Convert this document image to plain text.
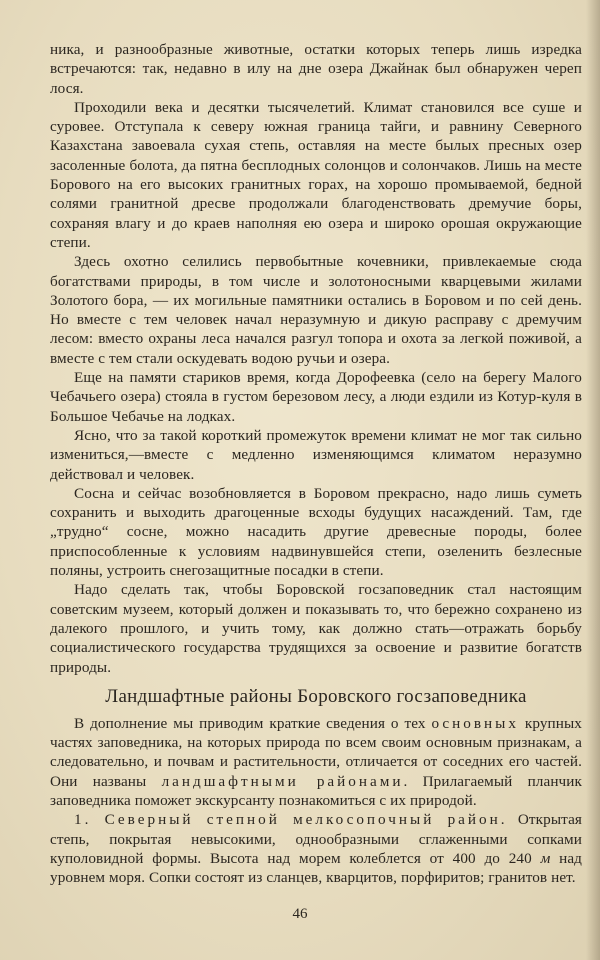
ника, и разнообразные животные, остатки которых теперь лишь изредка встречаются: так, недавно в илу на дне озера Джайнак был обнаружен череп лося.

Проходили века и десятки тысячелетий. Климат становился все суше и суровее. Отступала к северу южная граница тайги, и равнину Северного Казахстана завоевала сухая степь, оставляя на месте былых пресных озер засоленные болота, да пятна бесплодных солонцов и солончаков. Лишь на месте Борового на его высоких гранитных горах, на хорошо промываемой, бедной солями гранитной дресве продолжали благоденствовать дремучие боры, сохраняя влагу и до краев наполняя ею озера и широко орошая окружающие степи.

Здесь охотно селились первобытные кочевники, привлекаемые сюда богатствами природы, в том числе и золотоносными кварцевыми жилами Золотого бора, — их могильные памятники остались в Боровом и по сей день. Но вместе с тем человек начал неразумную и дикую расправу с дремучим лесом: вместо охраны леса начался разгул топора и охота за легкой поживой, а вместе с тем стали оскудевать водою ручьи и озера.

Еще на памяти стариков время, когда Дорофеевка (село на берегу Малого Чебачьего озера) стояла в густом березовом лесу, а люди ездили из Котур-куля в Большое Чебачье на лодках.

Ясно, что за такой короткий промежуток времени климат не мог так сильно измениться,—вместе с медленно изменяющимся климатом неразумно действовал и человек.

Сосна и сейчас возобновляется в Боровом прекрасно, надо лишь суметь сохранить и выходить драгоценные всходы будущих насаждений. Там, где „трудно“ сосне, можно насадить другие древесные породы, более приспособленные к условиям надвинувшейся степи, озеленить безлесные поляны, устроить снегозащитные посадки в степи.

Надо сделать так, чтобы Боровской госзаповедник стал настоящим советским музеем, который должен и показывать то, что бережно сохранено из далекого прошлого, и учить тому, как должно стать—отражать борьбу социалистического государства трудящихся за освоение и развитие богатств природы.

Ландшафтные районы Боровского госзаповедника

В дополнение мы приводим краткие сведения о тех основных крупных частях заповедника, на которых природа по всем своим основным признакам, а следовательно, и почвам и растительности, отличается от соседних его частей. Они названы ландшафтными районами. Прилагаемый планчик заповедника поможет экскурсанту познакомиться с их природой.

1. Северный степной мелкосопочный район. Открытая степь, покрытая невысокими, однообразными сглаженными сопками куполовидной формы. Высота над морем колеблется от 400 до 240 м над уровнем моря. Сопки состоят из сланцев, кварцитов, порфиритов; гранитов нет.

46
